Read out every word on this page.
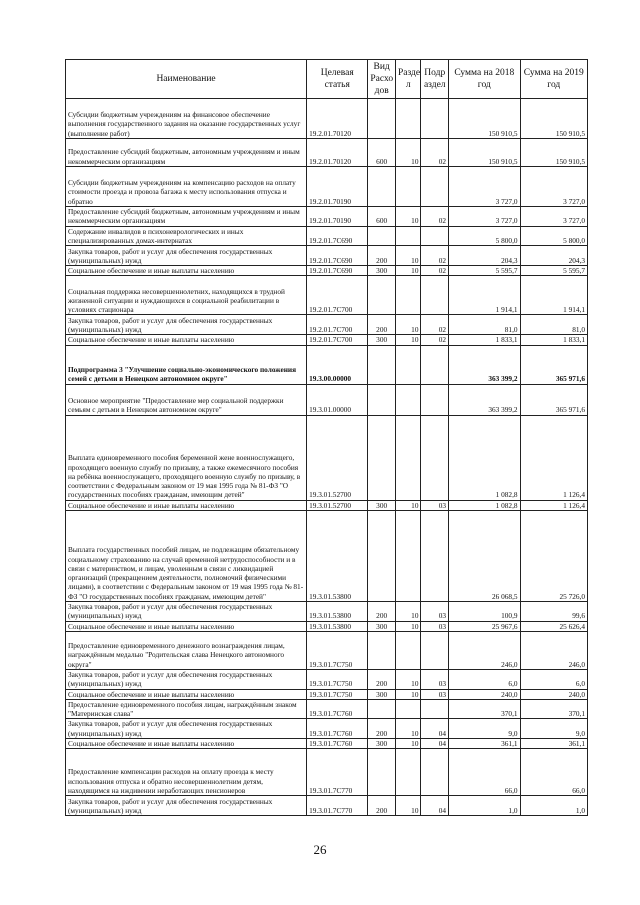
Наименование	Целевая статья	Вид Расхо дов	Разде л	Подр аздел	Сумма на 2018 год	Сумма на 2019 год
Субсидии бюджетным учреждениям на финансовое обеспечение выполнения государственного задания на оказание государственных услуг (выполнение работ)	19.2.01.70120				150 910,5	150 910,5
Предоставление субсидий бюджетным, автономным учреждениям и иным некоммерческим организациям	19.2.01.70120	600	10	02	150 910,5	150 910,5
Субсидии бюджетным учреждениям на компенсацию расходов на оплату стоимости проезда и провоза багажа к месту использования отпуска и обратно	19.2.01.70190				3 727,0	3 727,0
Предоставление субсидий бюджетным, автономным учреждениям и иным некоммерческим организациям	19.2.01.70190	600	10	02	3 727,0	3 727,0
Содержание инвалидов в психоневрологических и иных специализированных домах-интернатах	19.2.01.7C690				5 800,0	5 800,0
Закупка товаров, работ и услуг для обеспечения государственных (муниципальных) нужд	19.2.01.7C690	200	10	02	204,3	204,3
Социальное обеспечение и иные выплаты населению	19.2.01.7C690	300	10	02	5 595,7	5 595,7
Социальная поддержка несовершеннолетних, находящихся в трудной жизненной ситуации и нуждающихся в социальной реабилитации в условиях стационара	19.2.01.7C700				1 914,1	1 914,1
Закупка товаров, работ и услуг для обеспечения государственных (муниципальных) нужд	19.2.01.7C700	200	10	02	81,0	81,0
Социальное обеспечение и иные выплаты населению	19.2.01.7C700	300	10	02	1 833,1	1 833,1
Подпрограмма 3 "Улучшение социально-экономического положения семей с детьми в Ненецком автономном округе"	19.3.00.00000				363 399,2	365 971,6
Основное мероприятие "Предоставление мер социальной поддержки семьям с детьми в Ненецком автономном округе"	19.3.01.00000				363 399,2	365 971,6
Выплата единовременного пособия беременной жене военнослужащего, проходящего военную службу по призыву, а также ежемесячного пособия на ребёнка военнослужащего, проходящего военную службу по призыву, в соответствии с Федеральным законом от 19 мая 1995 года № 81-ФЗ "О государственных пособиях гражданам, имеющим детей"	19.3.01.52700				1 082,8	1 126,4
Социальное обеспечение и иные выплаты населению	19.3.01.52700	300	10	03	1 082,8	1 126,4
Выплата государственных пособий лицам, не подлежащим обязательному социальному страхованию на случай временной нетрудоспособности и в связи с материнством, и лицам, уволенным в связи с ликвидацией организаций (прекращением деятельности, полномочий физическими лицами), в соответствии с Федеральным законом от 19 мая 1995 года № 81-ФЗ "О государственных пособиях гражданам, имеющим детей"	19.3.01.53800				26 068,5	25 726,0
Закупка товаров, работ и услуг для обеспечения государственных (муниципальных) нужд	19.3.01.53800	200	10	03	100,9	99,6
Социальное обеспечение и иные выплаты населению	19.3.01.53800	300	10	03	25 967,6	25 626,4
Предоставление единовременного денежного вознаграждения лицам, награждённым медалью "Родительская слава Ненецкого автономного округа"	19.3.01.7C750				246,0	246,0
Закупка товаров, работ и услуг для обеспечения государственных (муниципальных) нужд	19.3.01.7C750	200	10	03	6,0	6,0
Социальное обеспечение и иные выплаты населению	19.3.01.7C750	300	10	03	240,0	240,0
Предоставление единовременного пособия лицам, награждённым знаком "Материнская слава"	19.3.01.7C760				370,1	370,1
Закупка товаров, работ и услуг для обеспечения государственных (муниципальных) нужд	19.3.01.7C760	200	10	04	9,0	9,0
Социальное обеспечение и иные выплаты населению	19.3.01.7C760	300	10	04	361,1	361,1
Предоставление компенсации расходов на оплату проезда к месту использования отпуска и обратно несовершеннолетним детям, находящимся на иждивении неработающих пенсионеров	19.3.01.7C770				66,0	66,0
Закупка товаров, работ и услуг для обеспечения государственных (муниципальных) нужд	19.3.01.7C770	200	10	04	1,0	1,0
26
